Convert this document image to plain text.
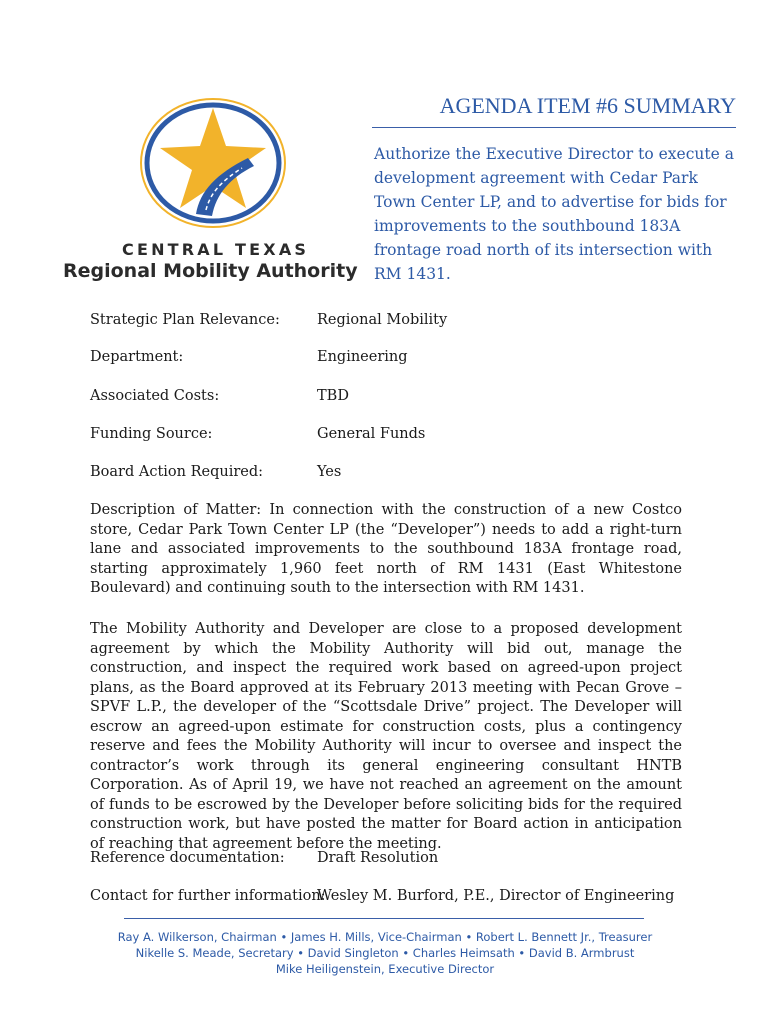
CENTRAL TEXAS
Regional Mobility Authority
AGENDA ITEM #6 SUMMARY
Authorize the Executive Director to execute a development agreement with Cedar Park Town Center LP, and to advertise for bids for improvements to the southbound 183A frontage road north of its intersection with RM 1431.
Strategic Plan Relevance:	Regional Mobility
Department:	Engineering
Associated Costs:	TBD
Funding Source:	General Funds
Board Action Required:	Yes
Description of Matter: In connection with the construction of a new Costco store, Cedar Park Town Center LP (the “Developer”) needs to add a right-turn lane and associated improvements to the southbound 183A frontage road, starting approximately 1,960 feet north of RM 1431 (East Whitestone Boulevard) and continuing south to the intersection with RM 1431.
The Mobility Authority and Developer are close to a proposed development agreement by which the Mobility Authority will bid out, manage the construction, and inspect the required work based on agreed-upon project plans, as the Board approved at its February 2013 meeting with Pecan Grove – SPVF L.P., the developer of the “Scottsdale Drive” project. The Developer will escrow an agreed-upon estimate for construction costs, plus a contingency reserve and fees the Mobility Authority will incur to oversee and inspect the contractor’s work through its general engineering consultant HNTB Corporation. As of April 19, we have not reached an agreement on the amount of funds to be escrowed by the Developer before soliciting bids for the required construction work, but have posted the matter for Board action in anticipation of reaching that agreement before the meeting.
Reference documentation: Draft Resolution
Contact for further information:
Wesley M. Burford, P.E., Director of Engineering
Ray A. Wilkerson, Chairman • James H. Mills, Vice-Chairman • Robert L. Bennett Jr., Treasurer
Nikelle S. Meade, Secretary • David Singleton • Charles Heimsath • David B. Armbrust
Mike Heiligenstein, Executive Director
